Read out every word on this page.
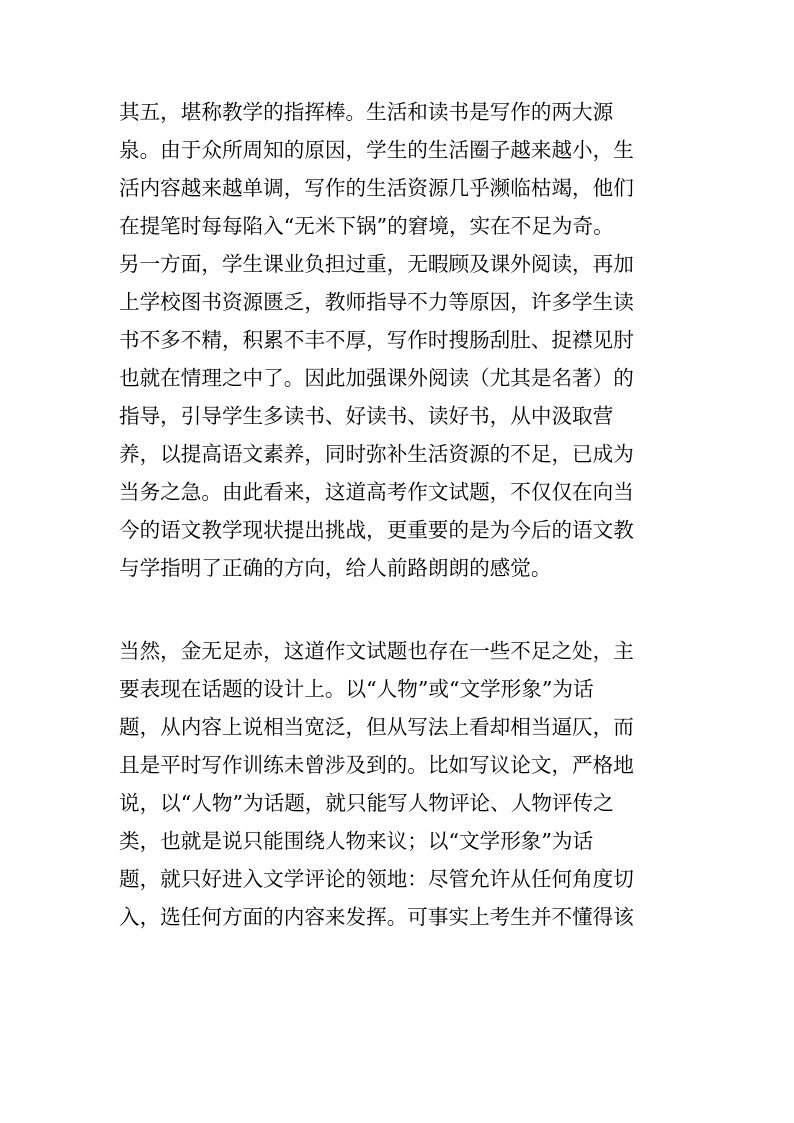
其五，堪称教学的指挥棒。生活和读书是写作的两大源
泉。由于众所周知的原因，学生的生活圈子越来越小，生
活内容越来越单调，写作的生活资源几乎濒临枯竭，他们
在提笔时每每陷入“无米下锅”的窘境，实在不足为奇。
另一方面，学生课业负担过重，无暇顾及课外阅读，再加
上学校图书资源匮乏，教师指导不力等原因，许多学生读
书不多不精，积累不丰不厚，写作时搜肠刮肚、捉襟见肘
也就在情理之中了。因此加强课外阅读（尤其是名著）的
指导，引导学生多读书、好读书、读好书，从中汲取营
养，以提高语文素养，同时弥补生活资源的不足，已成为
当务之急。由此看来，这道高考作文试题，不仅仅在向当
今的语文教学现状提出挑战，更重要的是为今后的语文教
与学指明了正确的方向，给人前路朗朗的感觉。
当然，金无足赤，这道作文试题也存在一些不足之处，主
要表现在话题的设计上。以“人物”或“文学形象”为话
题，从内容上说相当宽泛，但从写法上看却相当逼仄，而
且是平时写作训练未曾涉及到的。比如写议论文，严格地
说，以“人物”为话题，就只能写人物评论、人物评传之
类，也就是说只能围绕人物来议；以“文学形象”为话
题，就只好进入文学评论的领地：尽管允许从任何角度切
入，选任何方面的内容来发挥。可事实上考生并不懂得该
